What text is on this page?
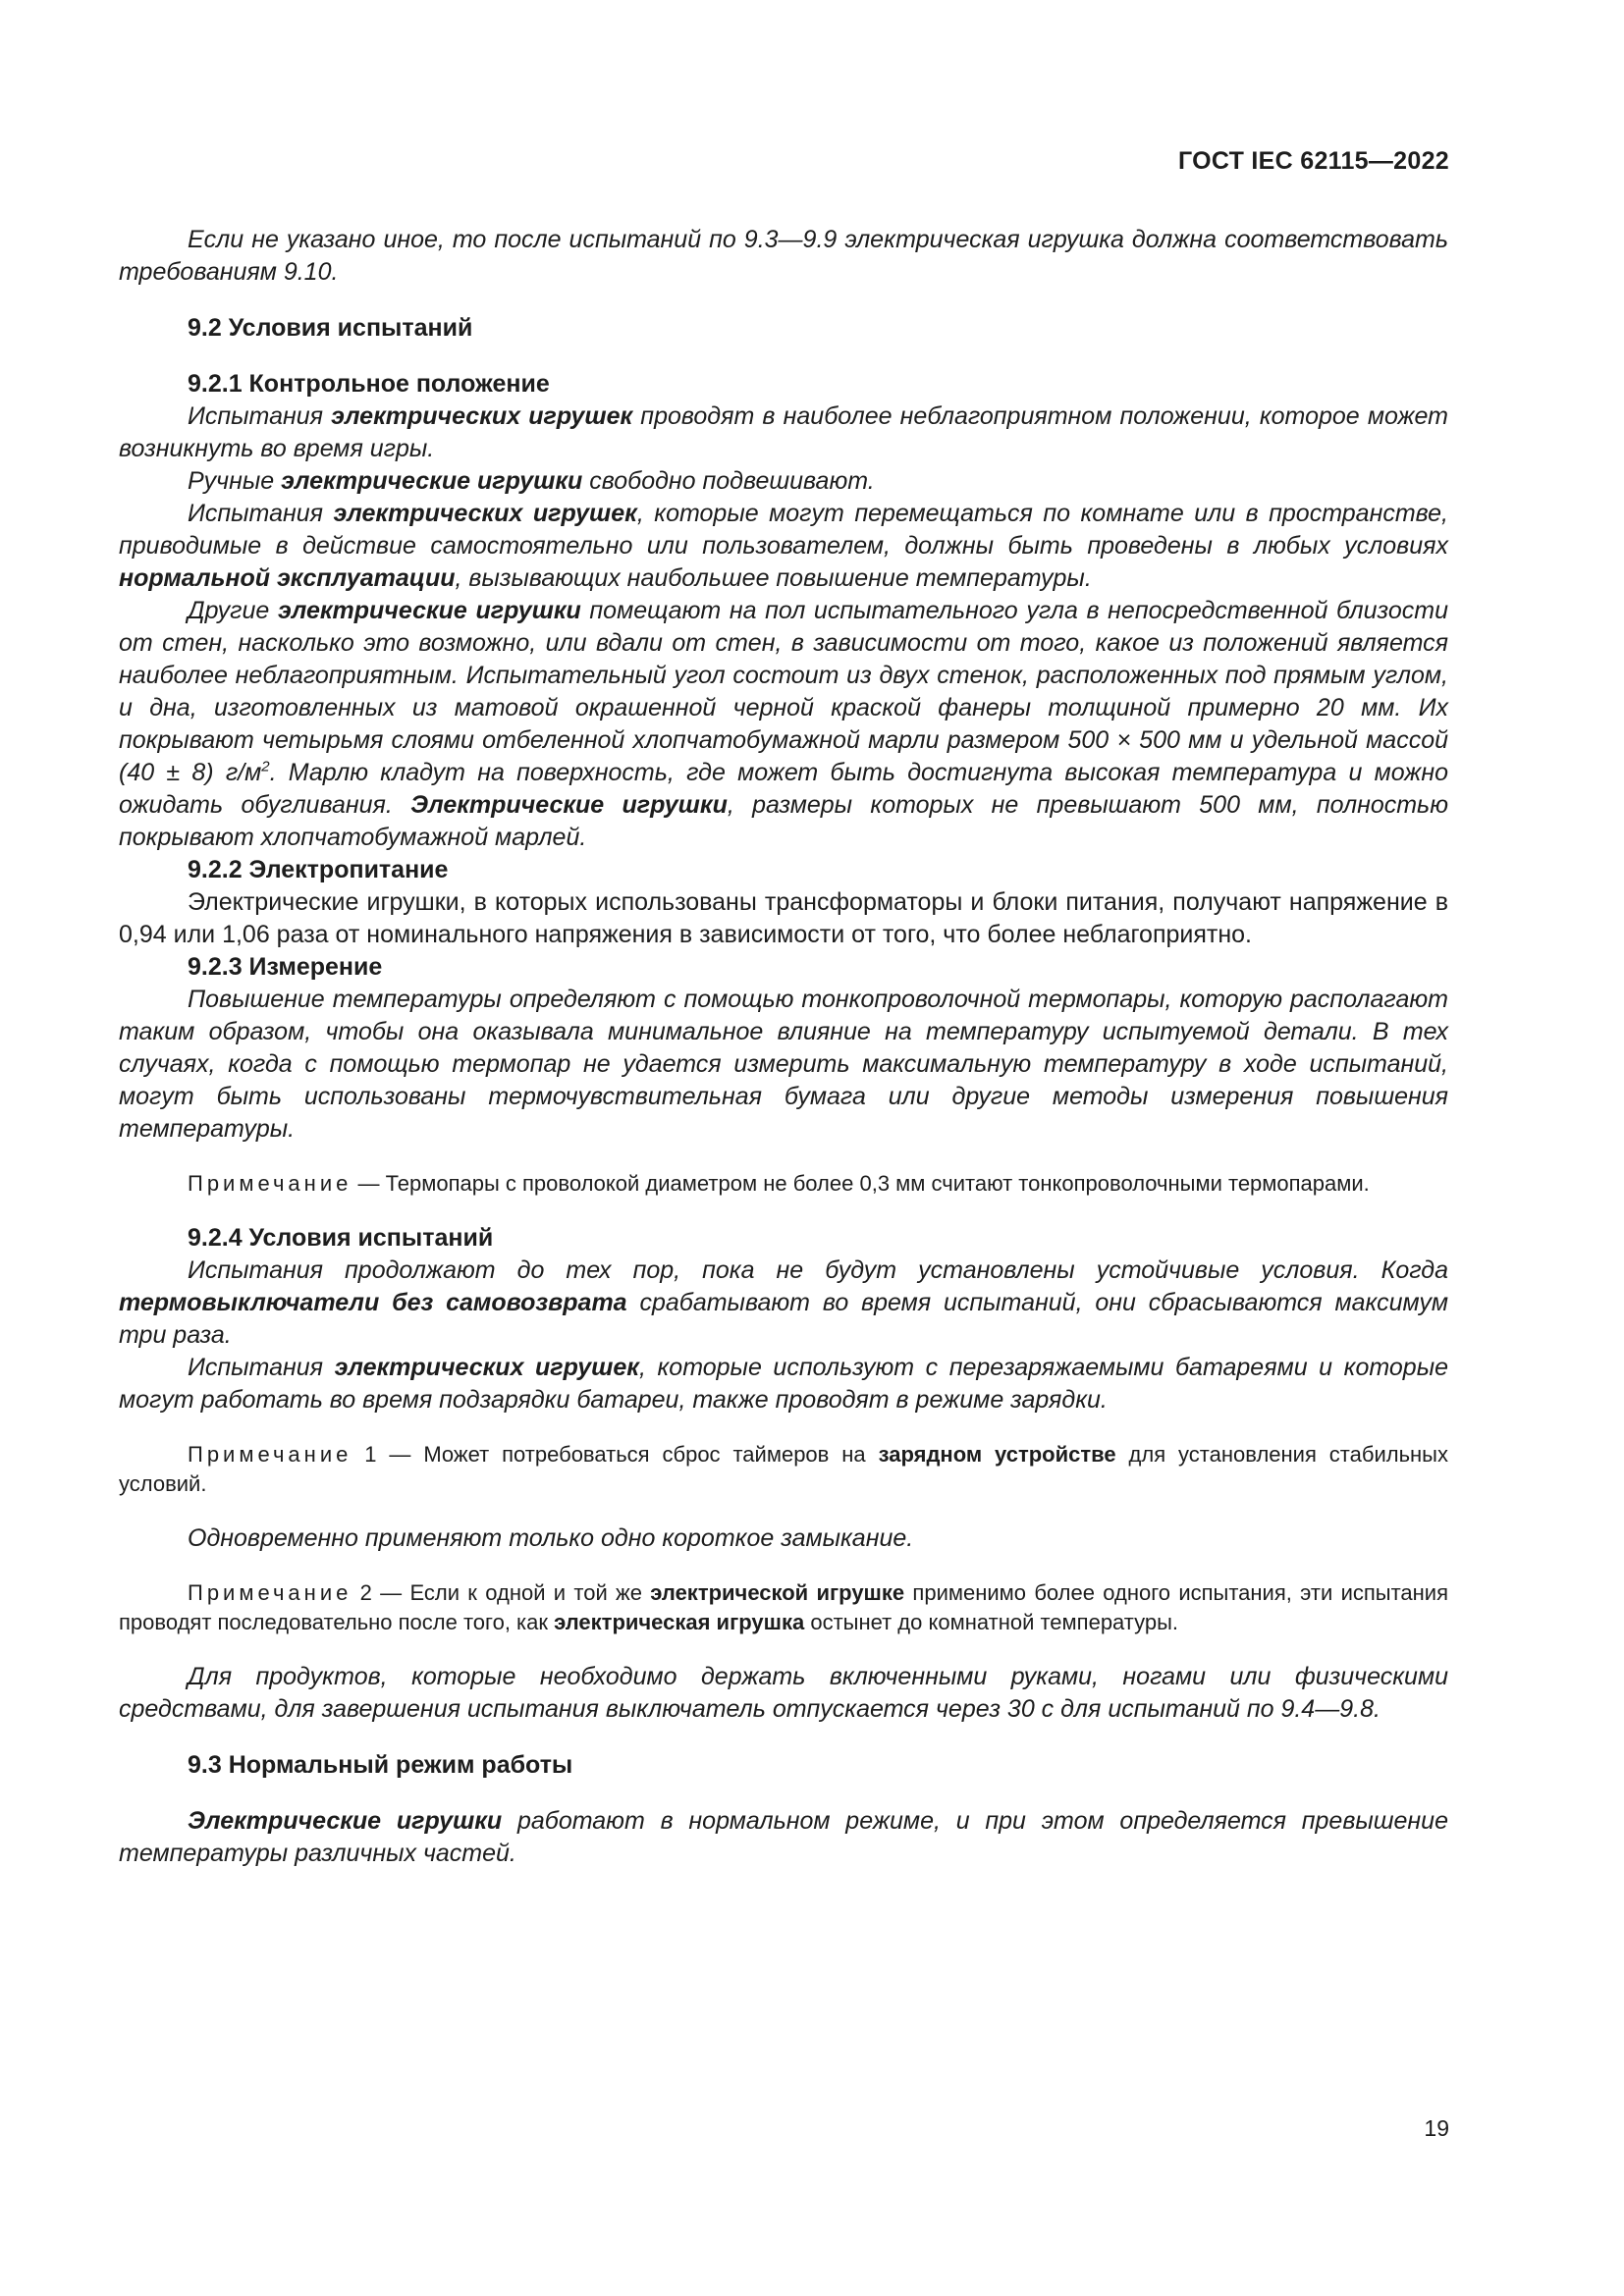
ГОСТ IEC 62115—2022

Если не указано иное, то после испытаний по 9.3—9.9 электрическая игрушка должна соответствовать требованиям 9.10.

9.2 Условия испытаний

9.2.1 Контрольное положение

Испытания электрических игрушек проводят в наиболее неблагоприятном положении, которое может возникнуть во время игры.

Ручные электрические игрушки свободно подвешивают.

Испытания электрических игрушек, которые могут перемещаться по комнате или в пространстве, приводимые в действие самостоятельно или пользователем, должны быть проведены в любых условиях нормальной эксплуатации, вызывающих наибольшее повышение температуры.

Другие электрические игрушки помещают на пол испытательного угла в непосредственной близости от стен, насколько это возможно, или вдали от стен, в зависимости от того, какое из положений является наиболее неблагоприятным. Испытательный угол состоит из двух стенок, расположенных под прямым углом, и дна, изготовленных из матовой окрашенной черной краской фанеры толщиной примерно 20 мм. Их покрывают четырьмя слоями отбеленной хлопчатобумажной марли размером 500 × 500 мм и удельной массой (40 ± 8) $г/м^2$. Марлю кладут на поверхность, где может быть достигнута высокая температура и можно ожидать обугливания. Электрические игрушки, размеры которых не превышают 500 мм, полностью покрывают хлопчатобумажной марлей.

9.2.2 Электропитание

Электрические игрушки, в которых использованы трансформаторы и блоки питания, получают напряжение в 0,94 или 1,06 раза от номинального напряжения в зависимости от того, что более неблагоприятно.

9.2.3 Измерение

Повышение температуры определяют с помощью тонкопроволочной термопары, которую располагают таким образом, чтобы она оказывала минимальное влияние на температуру испытуемой детали. В тех случаях, когда с помощью термопар не удается измерить максимальную температуру в ходе испытаний, могут быть использованы термочувствительная бумага или другие методы измерения повышения температуры.

Примечание — Термопары с проволокой диаметром не более 0,3 мм считают тонкопроволочными термопарами.

9.2.4 Условия испытаний

Испытания продолжают до тех пор, пока не будут установлены устойчивые условия. Когда термовыключатели без самовозврата срабатывают во время испытаний, они сбрасываются максимум три раза.

Испытания электрических игрушек, которые используют с перезаряжаемыми батареями и которые могут работать во время подзарядки батареи, также проводят в режиме зарядки.

Примечание 1 — Может потребоваться сброс таймеров на зарядном устройстве для установления стабильных условий.

Одновременно применяют только одно короткое замыкание.

Примечание 2 — Если к одной и той же электрической игрушке применимо более одного испытания, эти испытания проводят последовательно после того, как электрическая игрушка остынет до комнатной температуры.

Для продуктов, которые необходимо держать включенными руками, ногами или физическими средствами, для завершения испытания выключатель отпускается через 30 с для испытаний по 9.4—9.8.

9.3 Нормальный режим работы

Электрические игрушки работают в нормальном режиме, и при этом определяется превышение температуры различных частей.

19
